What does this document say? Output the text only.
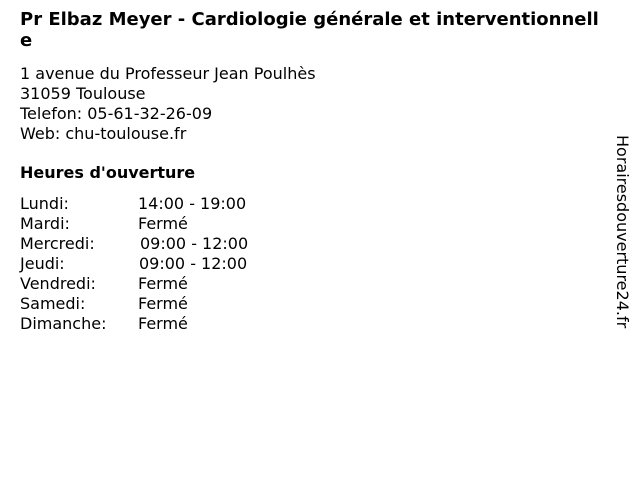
Pr Elbaz Meyer - Cardiologie générale et interventionnelle
1 avenue du Professeur Jean Poulhès
31059 Toulouse
Telefon: 05-61-32-26-09
Web: chu-toulouse.fr
Heures d'ouverture
Lundi:	14:00 - 19:00
Mardi:	Fermé
Mercredi:	09:00 - 12:00
Jeudi:	09:00 - 12:00
Vendredi:	Fermé
Samedi:	Fermé
Dimanche: Fermé	Horairesdouverture24.fr
